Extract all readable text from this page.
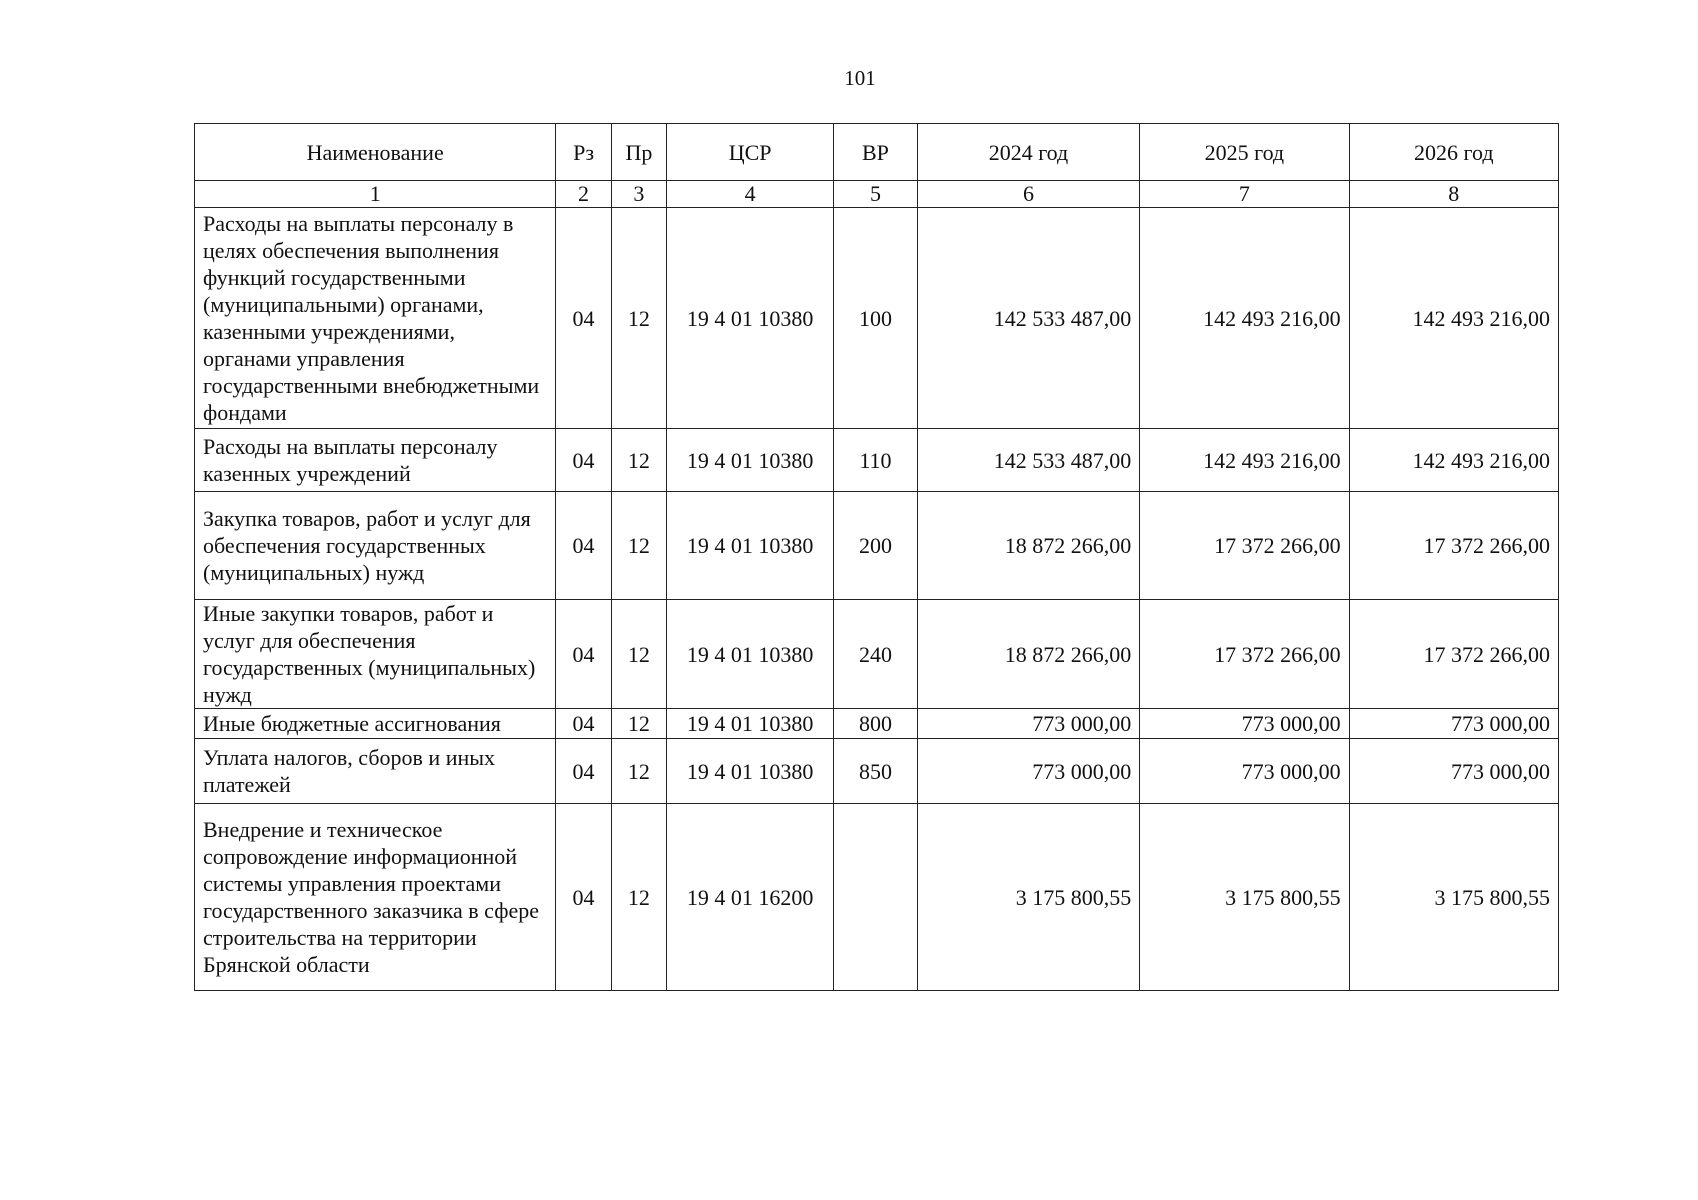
101
Наименование	Рз	Пр	ЦСР	ВР	2024 год	2025 год	2026 год
1	2	3	4	5	6	7	8
Расходы на выплаты персоналу в целях обеспечения выполнения функций государственными (муниципальными) органами, казенными учреждениями, органами управления государственными внебюджетными фондами	04	12	19 4 01 10380	100	142 533 487,00	142 493 216,00	142 493 216,00
Расходы на выплаты персоналу казенных учреждений	04	12	19 4 01 10380	110	142 533 487,00	142 493 216,00	142 493 216,00
Закупка товаров, работ и услуг для обеспечения государственных (муниципальных) нужд	04	12	19 4 01 10380	200	18 872 266,00	17 372 266,00	17 372 266,00
Иные закупки товаров, работ и услуг для обеспечения государственных (муниципальных) нужд	04	12	19 4 01 10380	240	18 872 266,00	17 372 266,00	17 372 266,00
Иные бюджетные ассигнования	04	12	19 4 01 10380	800	773 000,00	773 000,00	773 000,00
Уплата налогов, сборов и иных платежей	04	12	19 4 01 10380	850	773 000,00	773 000,00	773 000,00
Внедрение и техническое сопровождение информационной системы управления проектами государственного заказчика в сфере строительства на территории Брянской области	04	12	19 4 01 16200		3 175 800,55	3 175 800,55	3 175 800,55
